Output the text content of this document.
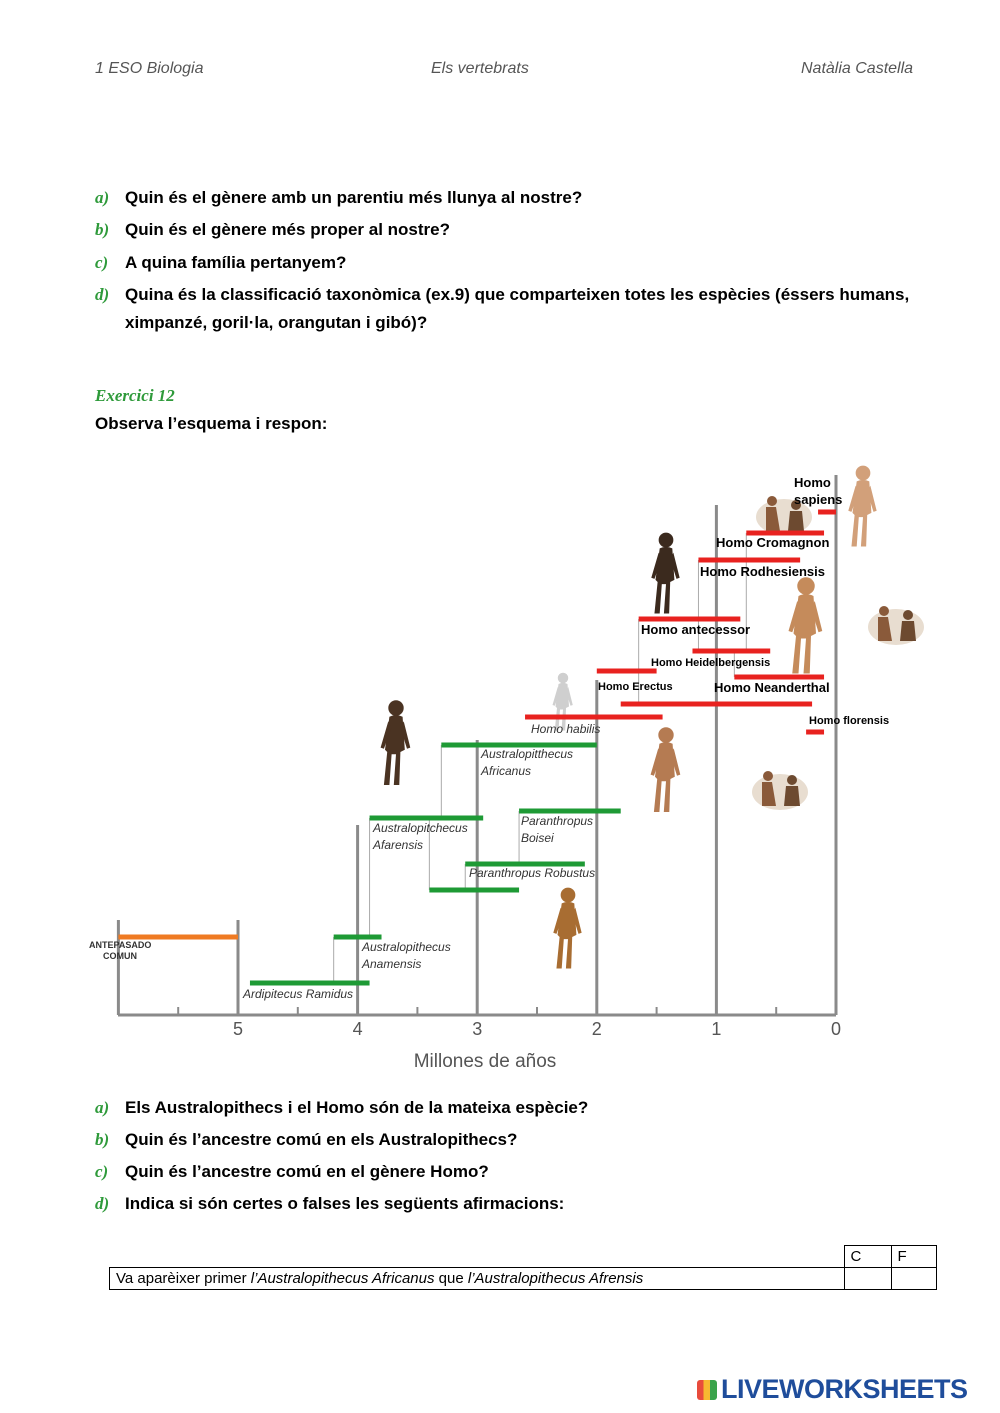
1 ESO Biologia	Els vertebrats	Natàlia Castella
a) Quin és el gènere amb un parentiu més llunya al nostre?
b) Quin és el gènere més proper al nostre?
c) A quina família pertanyem?
d) Quina és la classificació taxonòmica (ex.9) que comparteixen totes les espècies (éssers humans, ximpanzé, goril·la, orangutan i gibó)?
Exercici 12
Observa l’esquema i respon:
ANTEPASADO COMUN
Ardipitecus Ramidus
Australopithecus Anamensis
Australopitchecus Afarensis
Australopitthecus Africanus
Paranthropus Boisei
Paranthropus Robustus
Homo habilis
Homo Erectus
Homo antecessor
Homo Heidelbergensis
Homo Neanderthal
Homo Rodhesiensis
Homo Cromagnon
Homo sapiens
Homo florensis
5	4	3	2	1	0
Millones de años
a) Els Australopithecs i el Homo són de la mateixa espècie?
b) Quin és l’ancestre comú en els Australopithecs?
c) Quin és l’ancestre comú en el gènere Homo?
d) Indica si són certes o falses les següents afirmacions:
	C	F
Va aparèixer primer l’Australopithecus Africanus que l’Australopithecus Afrensis		
LIVEWORKSHEETS
